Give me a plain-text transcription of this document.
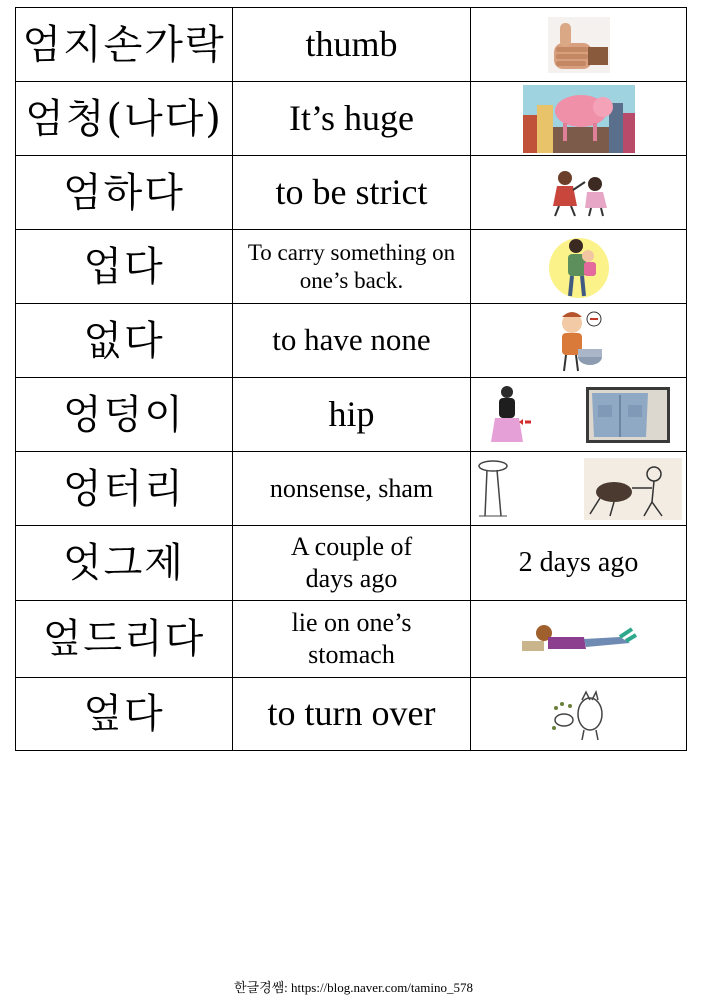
엄지손가락	thumb	

엄청(나다)	It’s huge	

엄하다	to be strict	

업다	To carry something on one’s back.

없다	to have none	

엉덩이	hip	

엉터리	nonsense, sham	

엇그제	A couple of days ago	2 days ago
엎드리다	lie on one’s stomach

엎다	to turn over	
한글경쌤: https://blog.naver.com/tamino_578
